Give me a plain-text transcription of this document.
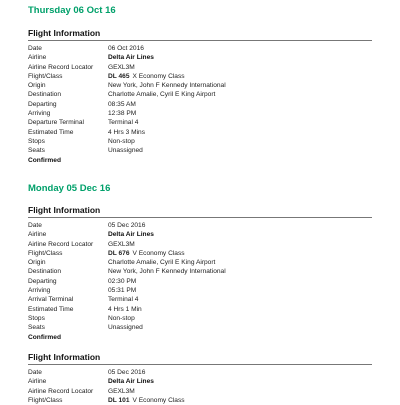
Thursday 06 Oct 16
Flight Information
Date	06 Oct 2016
Airline	Delta Air Lines
Airline Record Locator	GEXL3M
Flight/Class	DL 465 X Economy Class
Origin	New York, John F Kennedy International
Destination	Charlotte Amalie, Cyril E King Airport
Departing	08:35 AM
Arriving	12:38 PM
Departure Terminal	Terminal 4
Estimated Time	4 Hrs 3 Mins
Stops	Non-stop
Seats	Unassigned
Confirmed
Monday 05 Dec 16
Flight Information
Date	05 Dec 2016
Airline	Delta Air Lines
Airline Record Locator	GEXL3M
Flight/Class	DL 676 V Economy Class
Origin	Charlotte Amalie, Cyril E King Airport
Destination	New York, John F Kennedy International
Departing	02:30 PM
Arriving	05:31 PM
Arrival Terminal	Terminal 4
Estimated Time	4 Hrs 1 Min
Stops	Non-stop
Seats	Unassigned
Confirmed
Flight Information
Date	05 Dec 2016
Airline	Delta Air Lines
Airline Record Locator	GEXL3M
Flight/Class	DL 101 V Economy Class
